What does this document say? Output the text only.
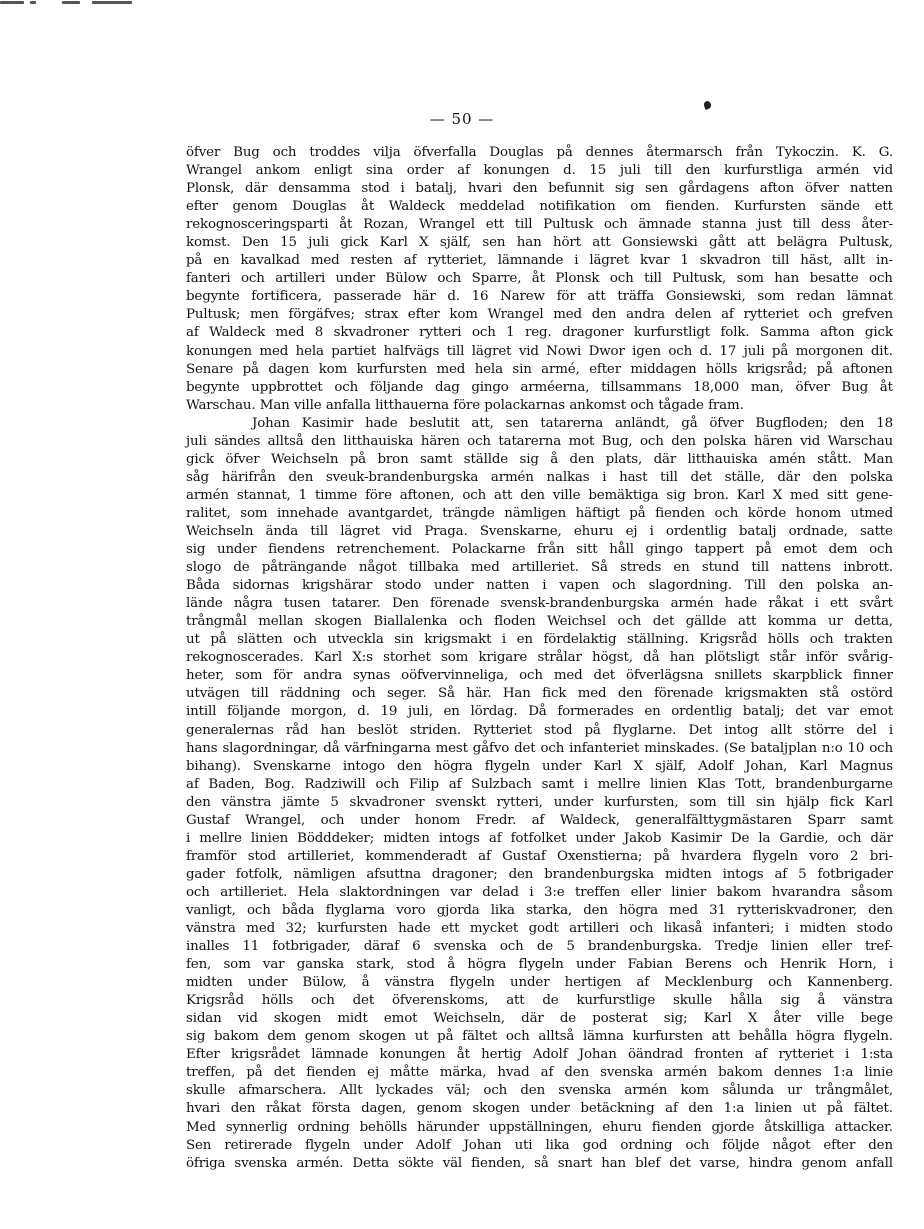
— 50 —
öfver Bug och troddes vilja öfverfalla Douglas på dennes återmarsch från Tykoczin. K. G.
Wrangel ankom enligt sina order af konungen d. 15 juli till den kurfurstliga armén vid
Plonsk, där densamma stod i batalj, hvari den befunnit sig sen gårdagens afton öfver natten
efter genom Douglas åt Waldeck meddelad notifikation om fienden. Kurfursten sände ett
rekognosceringsparti åt Rozan, Wrangel ett till Pultusk och ämnade stanna just till dess åter-
komst. Den 15 juli gick Karl X själf, sen han hört att Gonsiewski gått att belägra Pultusk,
på en kavalkad med resten af rytteriet, lämnande i lägret kvar 1 skvadron till häst, allt in-
fanteri och artilleri under Bülow och Sparre, åt Plonsk och till Pultusk, som han besatte och
begynte fortificera, passerade här d. 16 Narew för att träffa Gonsiewski, som redan lämnat
Pultusk; men förgäfves; strax efter kom Wrangel med den andra delen af rytteriet och grefven
af Waldeck med 8 skvadroner rytteri och 1 reg. dragoner kurfurstligt folk. Samma afton gick
konungen med hela partiet halfvägs till lägret vid Nowi Dwor igen och d. 17 juli på morgonen dit.
Senare på dagen kom kurfursten med hela sin armé, efter middagen hölls krigsråd; på aftonen
begynte uppbrottet och följande dag gingo arméerna, tillsammans 18,000 man, öfver Bug åt
Warschau. Man ville anfalla litthauerna före polackarnas ankomst och tågade fram.
Johan Kasimir hade beslutit att, sen tatarerna anländt, gå öfver Bugfloden; den 18
juli sändes alltså den litthauiska hären och tatarerna mot Bug, och den polska hären vid Warschau
gick öfver Weichseln på bron samt ställde sig å den plats, där litthauiska amén stått. Man
såg härifrån den sveuk-brandenburgska armén nalkas i hast till det ställe, där den polska
armén stannat, 1 timme före aftonen, och att den ville bemäktiga sig bron. Karl X med sitt gene-
ralitet, som innehade avantgardet, trängde nämligen häftigt på fienden och körde honom utmed
Weichseln ända till lägret vid Praga. Svenskarne, ehuru ej i ordentlig batalj ordnade, satte
sig under fiendens retrenchement. Polackarne från sitt håll gingo tappert på emot dem och
slogo de påträngande något tillbaka med artilleriet. Så streds en stund till nattens inbrott.
Båda sidornas krigshärar stodo under natten i vapen och slagordning. Till den polska an-
lände några tusen tatarer. Den förenade svensk-brandenburgska armén hade råkat i ett svårt
trångmål mellan skogen Biallalenka och floden Weichsel och det gällde att komma ur detta,
ut på slätten och utveckla sin krigsmakt i en fördelaktig ställning. Krigsråd hölls och trakten
rekognoscerades. Karl X:s storhet som krigare strålar högst, då han plötsligt står inför svårig-
heter, som för andra synas oöfvervinneliga, och med det öfverlägsna snillets skarpblick finner
utvägen till räddning och seger. Så här. Han fick med den förenade krigsmakten stå ostörd
intill följande morgon, d. 19 juli, en lördag. Då formerades en ordentlig batalj; det var emot
generalernas råd han beslöt striden. Rytteriet stod på flyglarne. Det intog allt större del i
hans slagordningar, då värfningarna mest gåfvo det och infanteriet minskades. (Se bataljplan n:o 10 och
bihang). Svenskarne intogo den högra flygeln under Karl X själf, Adolf Johan, Karl Magnus
af Baden, Bog. Radziwill och Filip af Sulzbach samt i mellre linien Klas Tott, brandenburgarne
den vänstra jämte 5 skvadroner svenskt rytteri, under kurfursten, som till sin hjälp fick Karl
Gustaf Wrangel, och under honom Fredr. af Waldeck, generalfälttygmästaren Sparr samt
i mellre linien Bödddeker; midten intogs af fotfolket under Jakob Kasimir De la Gardie, och där
framför stod artilleriet, kommenderadt af Gustaf Oxenstierna; på hvardera flygeln voro 2 bri-
gader fotfolk, nämligen afsuttna dragoner; den brandenburgska midten intogs af 5 fotbrigader
och artilleriet. Hela slaktordningen var delad i 3:e treffen eller linier bakom hvarandra såsom
vanligt, och båda flyglarna voro gjorda lika starka, den högra med 31 rytteriskvadroner, den
vänstra med 32; kurfursten hade ett mycket godt artilleri och likaså infanteri; i midten stodo
inalles 11 fotbrigader, däraf 6 svenska och de 5 brandenburgska. Tredje linien eller tref-
fen, som var ganska stark, stod å högra flygeln under Fabian Berens och Henrik Horn, i
midten under Bülow, å vänstra flygeln under hertigen af Mecklenburg och Kannenberg.
Krigsråd hölls och det öfverenskoms, att de kurfurstlige skulle hålla sig å vänstra
sidan vid skogen midt emot Weichseln, där de posterat sig; Karl X åter ville bege
sig bakom dem genom skogen ut på fältet och alltså lämna kurfursten att behålla högra flygeln.
Efter krigsrådet lämnade konungen åt hertig Adolf Johan öändrad fronten af rytteriet i 1:sta
treffen, på det fienden ej måtte märka, hvad af den svenska armén bakom dennes 1:a linie
skulle afmarschera. Allt lyckades väl; och den svenska armén kom sålunda ur trångmålet,
hvari den råkat första dagen, genom skogen under betäckning af den 1:a linien ut på fältet.
Med synnerlig ordning behölls härunder uppställningen, ehuru fienden gjorde åtskilliga attacker.
Sen retirerade flygeln under Adolf Johan uti lika god ordning och följde något efter den
öfriga svenska armén. Detta sökte väl fienden, så snart han blef det varse, hindra genom anfall
